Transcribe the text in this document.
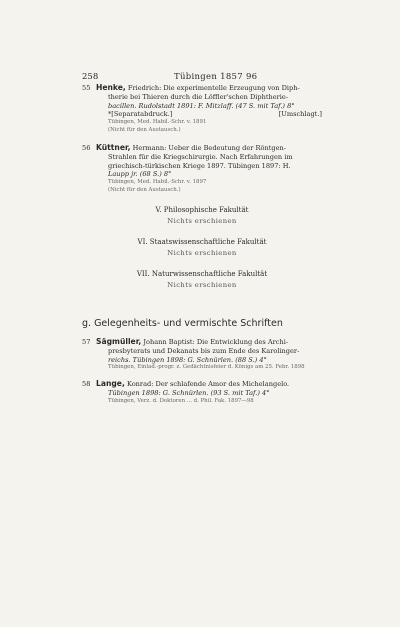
258	Tübingen 1857 96
55 Henke, Friedrich: Die experimentelle Erzeugung von Diph-
therie bei Thieren durch die Löffler'schen Diphtherie-
bacillen. Rudolstadt 1891: F. Mitzlaff. (47 S. mit Taf.) 8°
*[Separatabdruck.]	[Umschlagt.]
Tübingen, Med. Habil.-Schr. v. 1891
(Nicht für den Austausch.)
56 Küttner, Hermann: Ueber die Bedeutung der Röntgen-
Strahlen für die Kriegschirurgie. Nach Erfahrungen im
griechisch-türkischen Kriege 1897. Tübingen 1897: H.
Laupp jr. (68 S.) 8°
Tübingen, Med. Habil.-Schr. v. 1897
(Nicht für den Austausch.)
V. Philosophische Fakultät
Nichts erschienen
VI. Staatswissenschaftliche Fakultät
Nichts erschienen
VII. Naturwissenschaftliche Fakultät
Nichts erschienen
g. Gelegenheits- und vermischte Schriften
57 Sägmüller, Johann Baptist: Die Entwicklung des Archi-
presbyterats und Dekanats bis zum Ende des Karolinger-
reichs. Tübingen 1898: G. Schnürlen. (88 S.) 4°
Tübingen, Einlad.-progr. z. Gedächtnisfeier d. Königs am 25. Febr. 1898
58 Lange, Konrad: Der schlafende Amor des Michelangelo.
Tübingen 1898: G. Schnürlen. (93 S. mit Taf.) 4°
Tübingen, Verz. d. Doktoren ... d. Phil. Fak. 1897—98
